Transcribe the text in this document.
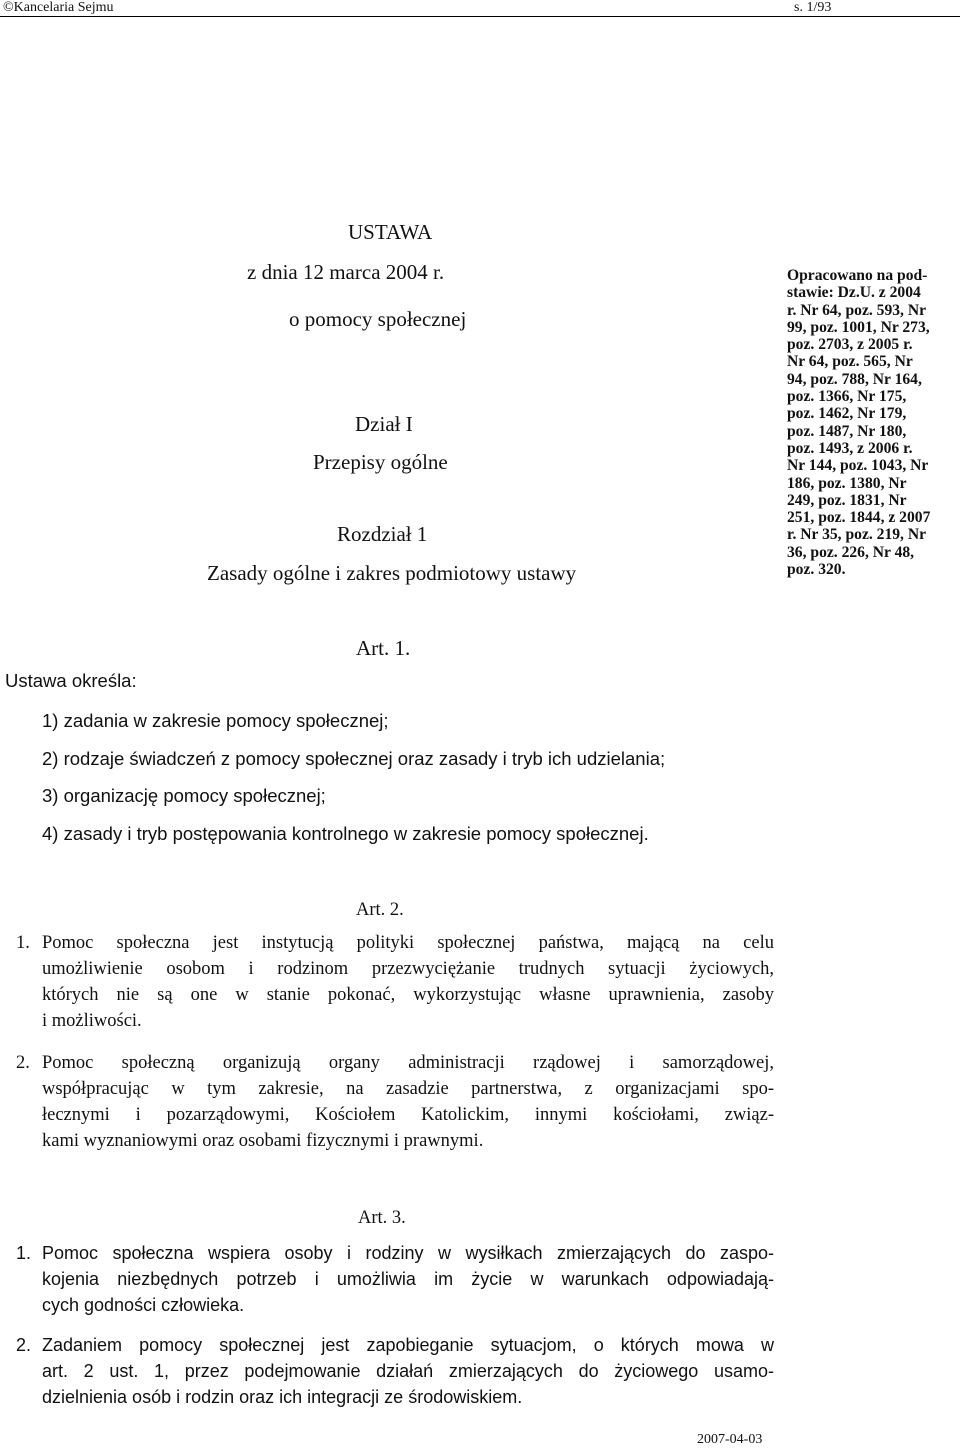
©Kancelaria Sejmu	s. 1/93
USTAWA
z dnia 12 marca 2004 r.
o pomocy społecznej
Dział I
Przepisy ogólne
Rozdział 1
Zasady ogólne i zakres podmiotowy ustawy
Opracowano na pod-
stawie: Dz.U. z 2004
r. Nr 64, poz. 593, Nr
99, poz. 1001, Nr 273,
poz. 2703, z 2005 r.
Nr 64, poz. 565, Nr
94, poz. 788, Nr 164,
poz. 1366, Nr 175,
poz. 1462, Nr 179,
poz. 1487, Nr 180,
poz. 1493, z 2006 r.
Nr 144, poz. 1043, Nr
186, poz. 1380, Nr
249, poz. 1831, Nr
251, poz. 1844, z 2007
r. Nr 35, poz. 219, Nr
36, poz. 226, Nr 48,
poz. 320.
Art. 1.
Ustawa określa:
1) zadania w zakresie pomocy społecznej;
2) rodzaje świadczeń z pomocy społecznej oraz zasady i tryb ich udzielania;
3) organizację pomocy społecznej;
4) zasady i tryb postępowania kontrolnego w zakresie pomocy społecznej.
Art. 2.
1. Pomoc społeczna jest instytucją polityki społecznej państwa, mającą na celu
umożliwienie osobom i rodzinom przezwyciężanie trudnych sytuacji życiowych,
których nie są one w stanie pokonać, wykorzystując własne uprawnienia, zasoby
i możliwości.
2. Pomoc społeczną organizują organy administracji rządowej i samorządowej,
współpracując w tym zakresie, na zasadzie partnerstwa, z organizacjami spo-
łecznymi i pozarządowymi, Kościołem Katolickim, innymi kościołami, związ-
kami wyznaniowymi oraz osobami fizycznymi i prawnymi.
Art. 3.
1. Pomoc społeczna wspiera osoby i rodziny w wysiłkach zmierzających do zaspo-
kojenia niezbędnych potrzeb i umożliwia im życie w warunkach odpowiadają-
cych godności człowieka.
2. Zadaniem pomocy społecznej jest zapobieganie sytuacjom, o których mowa w
art. 2 ust. 1, przez podejmowanie działań zmierzających do życiowego usamo-
dzielnienia osób i rodzin oraz ich integracji ze środowiskiem.
2007-04-03
